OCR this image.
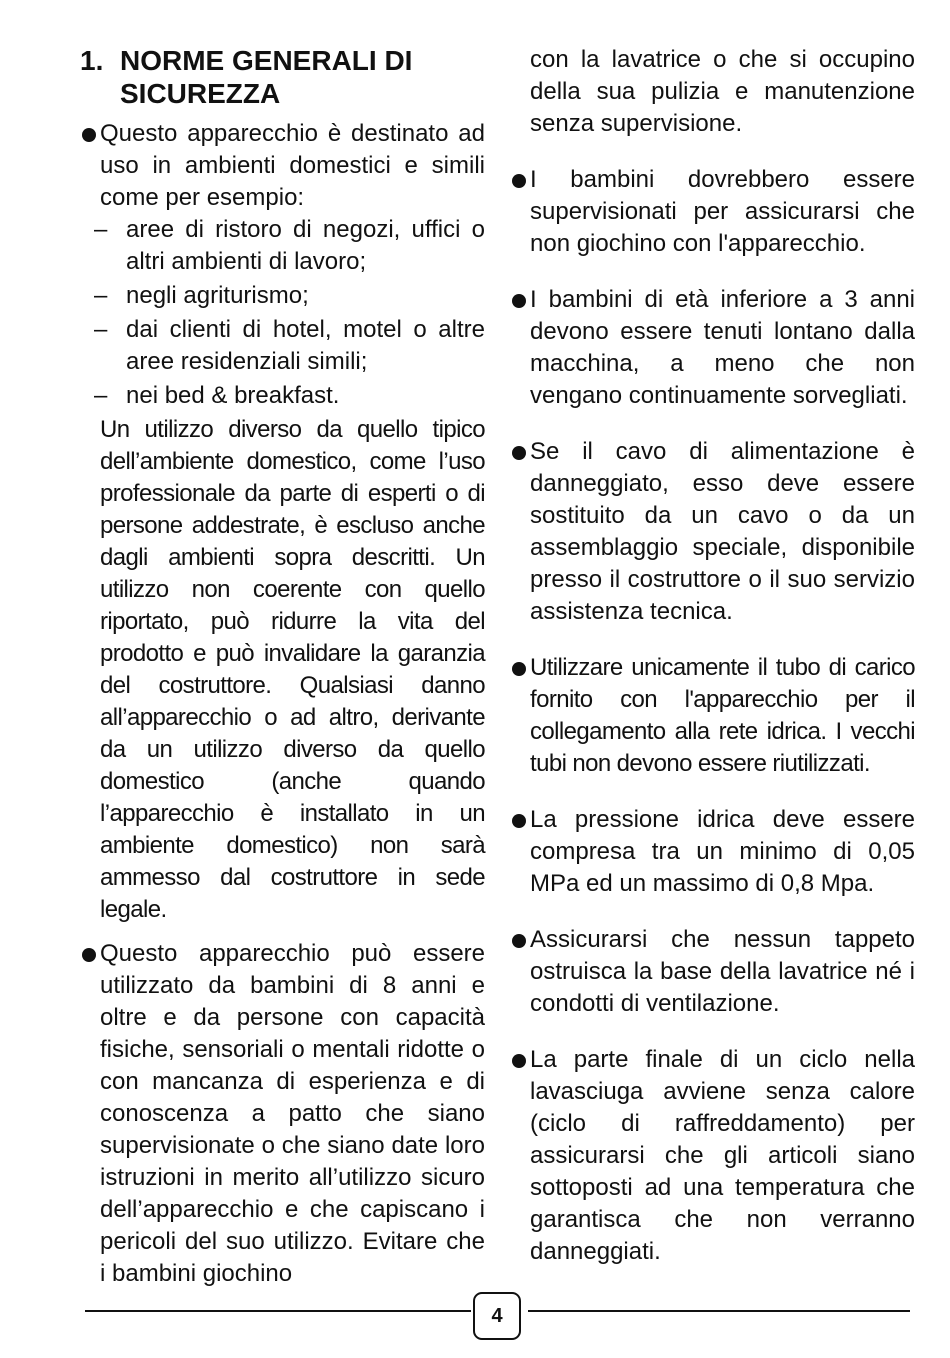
1. NORME GENERALI DI SICUREZZA
Questo apparecchio è destinato ad uso in ambienti domestici e simili come per esempio:
– aree di ristoro di negozi, uffici o altri ambienti di lavoro;
– negli agriturismo;
– dai clienti di hotel, motel o altre aree residenziali simili;
– nei bed & breakfast.

Un utilizzo diverso da quello tipico dell’ambiente domestico, come l’uso professionale da parte di esperti o di persone addestrate, è escluso anche dagli ambienti sopra descritti. Un utilizzo non coerente con quello riportato, può ridurre la vita del prodotto e può invalidare la garanzia del costruttore. Qualsiasi danno all’apparecchio o ad altro, derivante da un utilizzo diverso da quello domestico (anche quando l’apparecchio è installato in un ambiente domestico) non sarà ammesso dal costruttore in sede legale.

Questo apparecchio può essere utilizzato da bambini di 8 anni e oltre e da persone con capacità fisiche, sensoriali o mentali ridotte o con mancanza di esperienza e di conoscenza a patto che siano supervisionate o che siano date loro istruzioni in merito all’utilizzo sicuro dell’apparecchio e che capiscano i pericoli del suo utilizzo. Evitare che i bambini giochino

con la lavatrice o che si occupino della sua pulizia e manutenzione senza supervisione.

I bambini dovrebbero essere supervisionati per assicurarsi che non giochino con l'apparecchio.
I bambini di età inferiore a 3 anni devono essere tenuti lontano dalla macchina, a meno che non vengano continuamente sorvegliati.
Se il cavo di alimentazione è danneggiato, esso deve essere sostituito da un cavo o da un assemblaggio speciale, disponibile presso il costruttore o il suo servizio assistenza tecnica.
Utilizzare unicamente il tubo di carico fornito con l'apparecchio per il collegamento alla rete idrica. I vecchi tubi non devono essere riutilizzati.
La pressione idrica deve essere compresa tra un minimo di 0,05 MPa ed un massimo di 0,8 Mpa.
Assicurarsi che nessun tappeto ostruisca la base della lavatrice né i condotti di ventilazione.
La parte finale di un ciclo nella lavasciuga avviene senza calore (ciclo di raffreddamento) per assicurarsi che gli articoli siano sottoposti ad una temperatura che garantisca che non verranno danneggiati.
4
